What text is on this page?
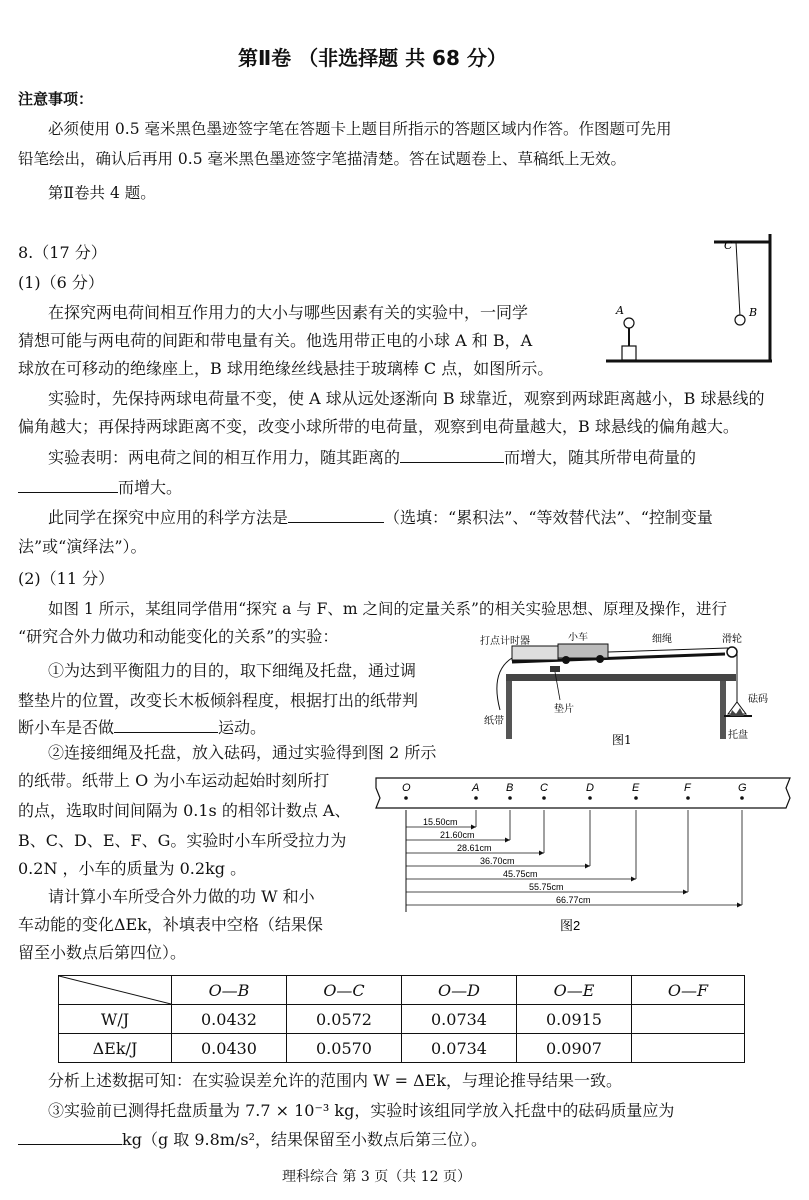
第Ⅱ卷 （非选择题 共 68 分）
注意事项：
必须使用 0.5 毫米黑色墨迹签字笔在答题卡上题目所指示的答题区域内作答。作图题可先用
铅笔绘出，确认后再用 0.5 毫米黑色墨迹签字笔描清楚。答在试题卷上、草稿纸上无效。
第Ⅱ卷共 4 题。
8.（17 分）
(1)（6 分）
在探究两电荷间相互作用力的大小与哪些因素有关的实验中，一同学
猜想可能与两电荷的间距和带电量有关。他选用带正电的小球 A 和 B，A
球放在可移动的绝缘座上，B 球用绝缘丝线悬挂于玻璃棒 C 点，如图所示。
实验时，先保持两球电荷量不变，使 A 球从远处逐渐向 B 球靠近，观察到两球距离越小，B 球悬线的
偏角越大；再保持两球距离不变，改变小球所带的电荷量，观察到电荷量越大，B 球悬线的偏角越大。
实验表明：两电荷之间的相互作用力，随其距离的	而增大，随其所带电荷量的
而增大。
此同学在探究中应用的科学方法是	（选填：“累积法”、“等效替代法”、“控制变量
法”或“演绎法”）。
(2)（11 分）
如图 1 所示，某组同学借用“探究 a 与 F、m 之间的定量关系”的相关实验思想、原理及操作，进行
“研究合外力做功和动能变化的关系”的实验：
①为达到平衡阻力的目的，取下细绳及托盘，通过调
整垫片的位置，改变长木板倾斜程度，根据打出的纸带判
断小车是否做	运动。
②连接细绳及托盘，放入砝码，通过实验得到图 2 所示
的纸带。纸带上 O 为小车运动起始时刻所打
的点，选取时间间隔为 0.1s 的相邻计数点 A、
B、C、D、E、F、G。实验时小车所受拉力为
0.2N ，小车的质量为 0.2kg 。
请计算小车所受合外力做的功 W 和小
车动能的变化ΔEk，补填表中空格（结果保
留至小数点后第四位）。
C
B
A
打点计时器	小车	细绳	滑轮
垫片
纸带
砝码
托盘
图1
O	A B C	D	E	F	G
15.50cm
21.60cm
28.61cm
36.70cm
45.75cm
55.75cm
66.77cm
图2
	O—B	O—C	O—D	O—E	O—F
W/J	0.0432	0.0572	0.0734	0.0915	
ΔEk/J	0.0430	0.0570	0.0734	0.0907	
分析上述数据可知：在实验误差允许的范围内 W = ΔEk，与理论推导结果一致。
③实验前已测得托盘质量为 7.7 × 10⁻³ kg，实验时该组同学放入托盘中的砝码质量应为
kg（g 取 9.8m/s²，结果保留至小数点后第三位）。
理科综合 第 3 页（共 12 页）
